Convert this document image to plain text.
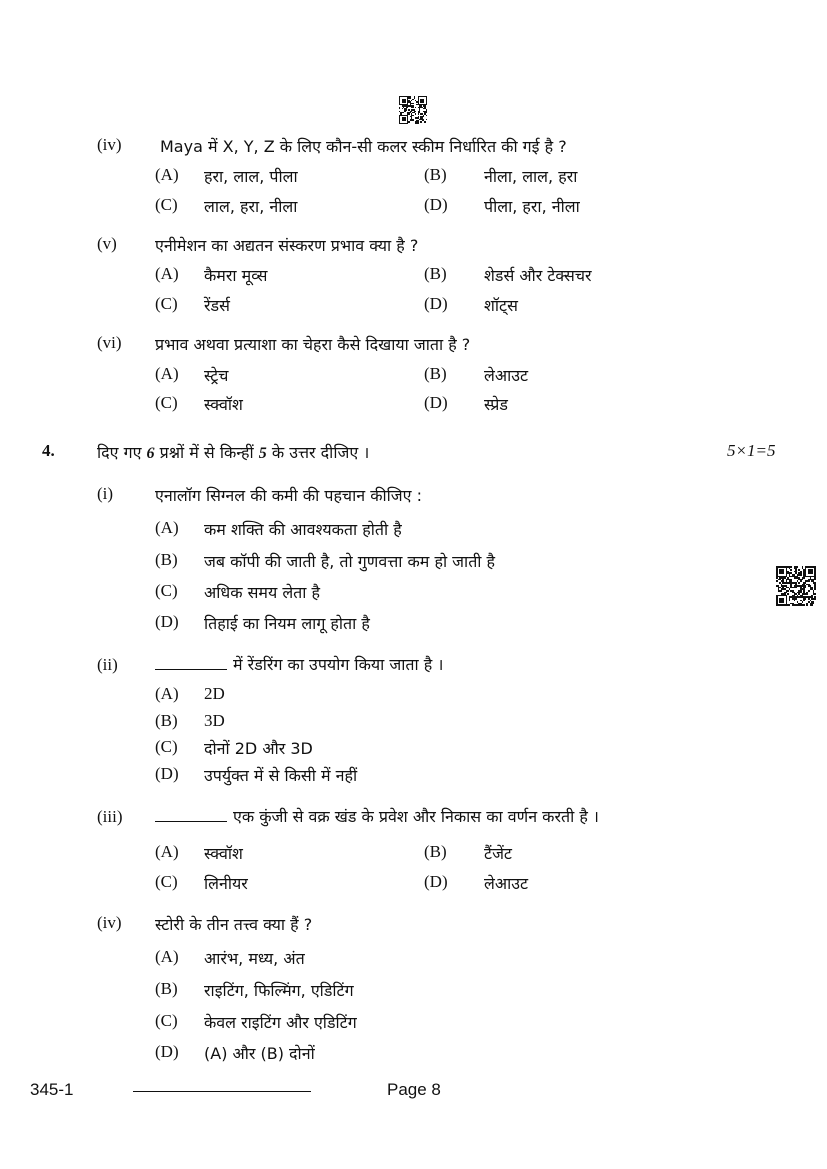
(iv) Maya में X, Y, Z के लिए कौन-सी कलर स्कीम निर्धारित की गई है ?
(A) हरा, लाल, पीला	(B) नीला, लाल, हरा
(C) लाल, हरा, नीला	(D) पीला, हरा, नीला
(v) एनीमेशन का अद्यतन संस्करण प्रभाव क्या है ?
(A) कैमरा मूव्स	(B) शेडर्स और टेक्सचर
(C) रेंडर्स	(D) शॉट्स
(vi) प्रभाव अथवा प्रत्याशा का चेहरा कैसे दिखाया जाता है ?
(A) स्ट्रेच	(B) लेआउट
(C) स्क्वॉश	(D) स्प्रेड
4.	दिए गए 6 प्रश्नों में से किन्हीं 5 के उत्तर दीजिए ।	5×1=5
(i)	एनालॉग सिग्नल की कमी की पहचान कीजिए :
(A) कम शक्ति की आवश्यकता होती है
(B) जब कॉपी की जाती है, तो गुणवत्ता कम हो जाती है
(C) अधिक समय लेता है
(D) तिहाई का नियम लागू होता है
(ii)	में रेंडरिंग का उपयोग किया जाता है ।
(A) 2D
(B) 3D
(C) दोनों 2D और 3D
(D) उपर्युक्त में से किसी में नहीं
(iii)	एक कुंजी से वक्र खंड के प्रवेश और निकास का वर्णन करती है ।
(A) स्क्वॉश	(B) टैंजेंट
(C) लिनीयर	(D) लेआउट
(iv) स्टोरी के तीन तत्त्व क्या हैं ?
(A) आरंभ, मध्य, अंत
(B) राइटिंग, फिल्मिंग, एडिटिंग
(C) केवल राइटिंग और एडिटिंग
(D) (A) और (B) दोनों
345-1	Page 8
